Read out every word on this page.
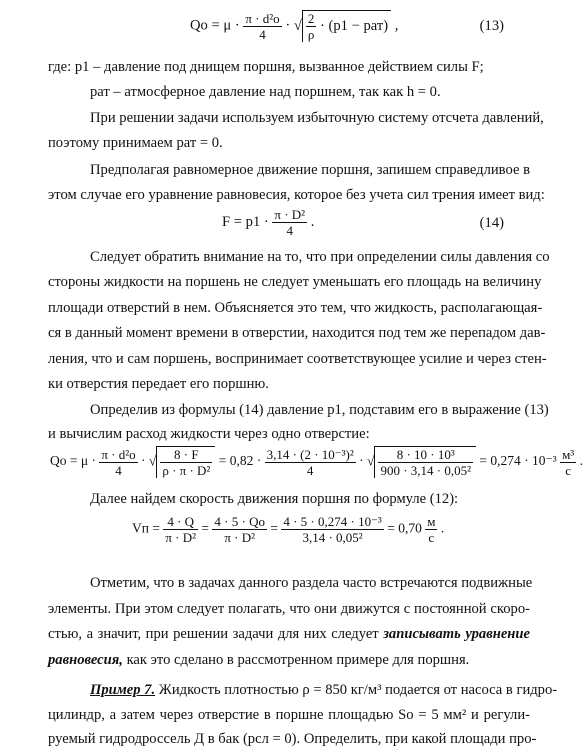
Qо = $\mu \cdot \frac{\text{π · d²о}}{4}$ · √ $\frac{2}{\rho} \cdot (p1 - pат)$ ,	(13)
где: p1 – давление под днищем поршня, вызванное действием силы F;
pат – атмосферное давление над поршнем, так как h = 0.
При решении задачи используем избыточную систему отсчета давлений,
поэтому принимаем pат = 0.
Предполагая равномерное движение поршня, запишем справедливое в
этом случае его уравнение равновесия, которое без учета сил трения имеет вид:
$F = p1 \cdot \frac{\text{π · D²}}{4}$ .	(14)
Следует обратить внимание на то, что при определении силы давления со
стороны жидкости на поршень не следует уменьшать его площадь на величину
площади отверстий в нем. Объясняется это тем, что жидкость, располагающая-
ся в данный момент времени в отверстии, находится под тем же перепадом дав-
ления, что и сам поршень, воспринимает соответствующее усилие и через стен-
ки отверстия передает его поршню.
Определив из формулы (14) давление p1, подставим его в выражение (13)
и вычислим расход жидкости через одно отверстие:
Qо = $\mu \cdot \frac{\text{π · d²о}}{4}$ · √ $\frac{8 \cdot F}{\text{ρ · π · D²}} = 0,82 \cdot \frac{\text{3,14 · (2 · 10⁻³)²}}{4}$ · √ $\frac{\text{8 · 10 · 10³}}{\text{900 · 3,14 · 0,05²}} = 0,274 \cdot 10^{-3} \frac{\text{м³}}{с}$ .
Далее найдем скорость движения поршня по формуле (12):
Vп = $\frac{4 \cdot Q}{\text{π · D²}} = \frac{4 \cdot 5 \cdot Qо}{\text{π · D²}} = \frac{\text{4 · 5 · 0,274 · 10⁻³}}{\text{3,14 · 0,05²}} = 0,70 \frac{м}{с}$ .
Отметим, что в задачах данного раздела часто встречаются подвижные
элементы. При этом следует полагать, что они движутся с постоянной скоро-
стью, а значит, при решении задачи для них следует записывать уравнение
равновесия, как это сделано в рассмотренном примере для поршня.
Пример 7. Жидкость плотностью ρ = 850 кг/м³ подается от насоса в гидро-
цилиндр, а затем через отверстие в поршне площадью Sо = 5 мм² и регули-
руемый гидродроссель Д в бак (pсл = 0). Определить, при какой площади про-
